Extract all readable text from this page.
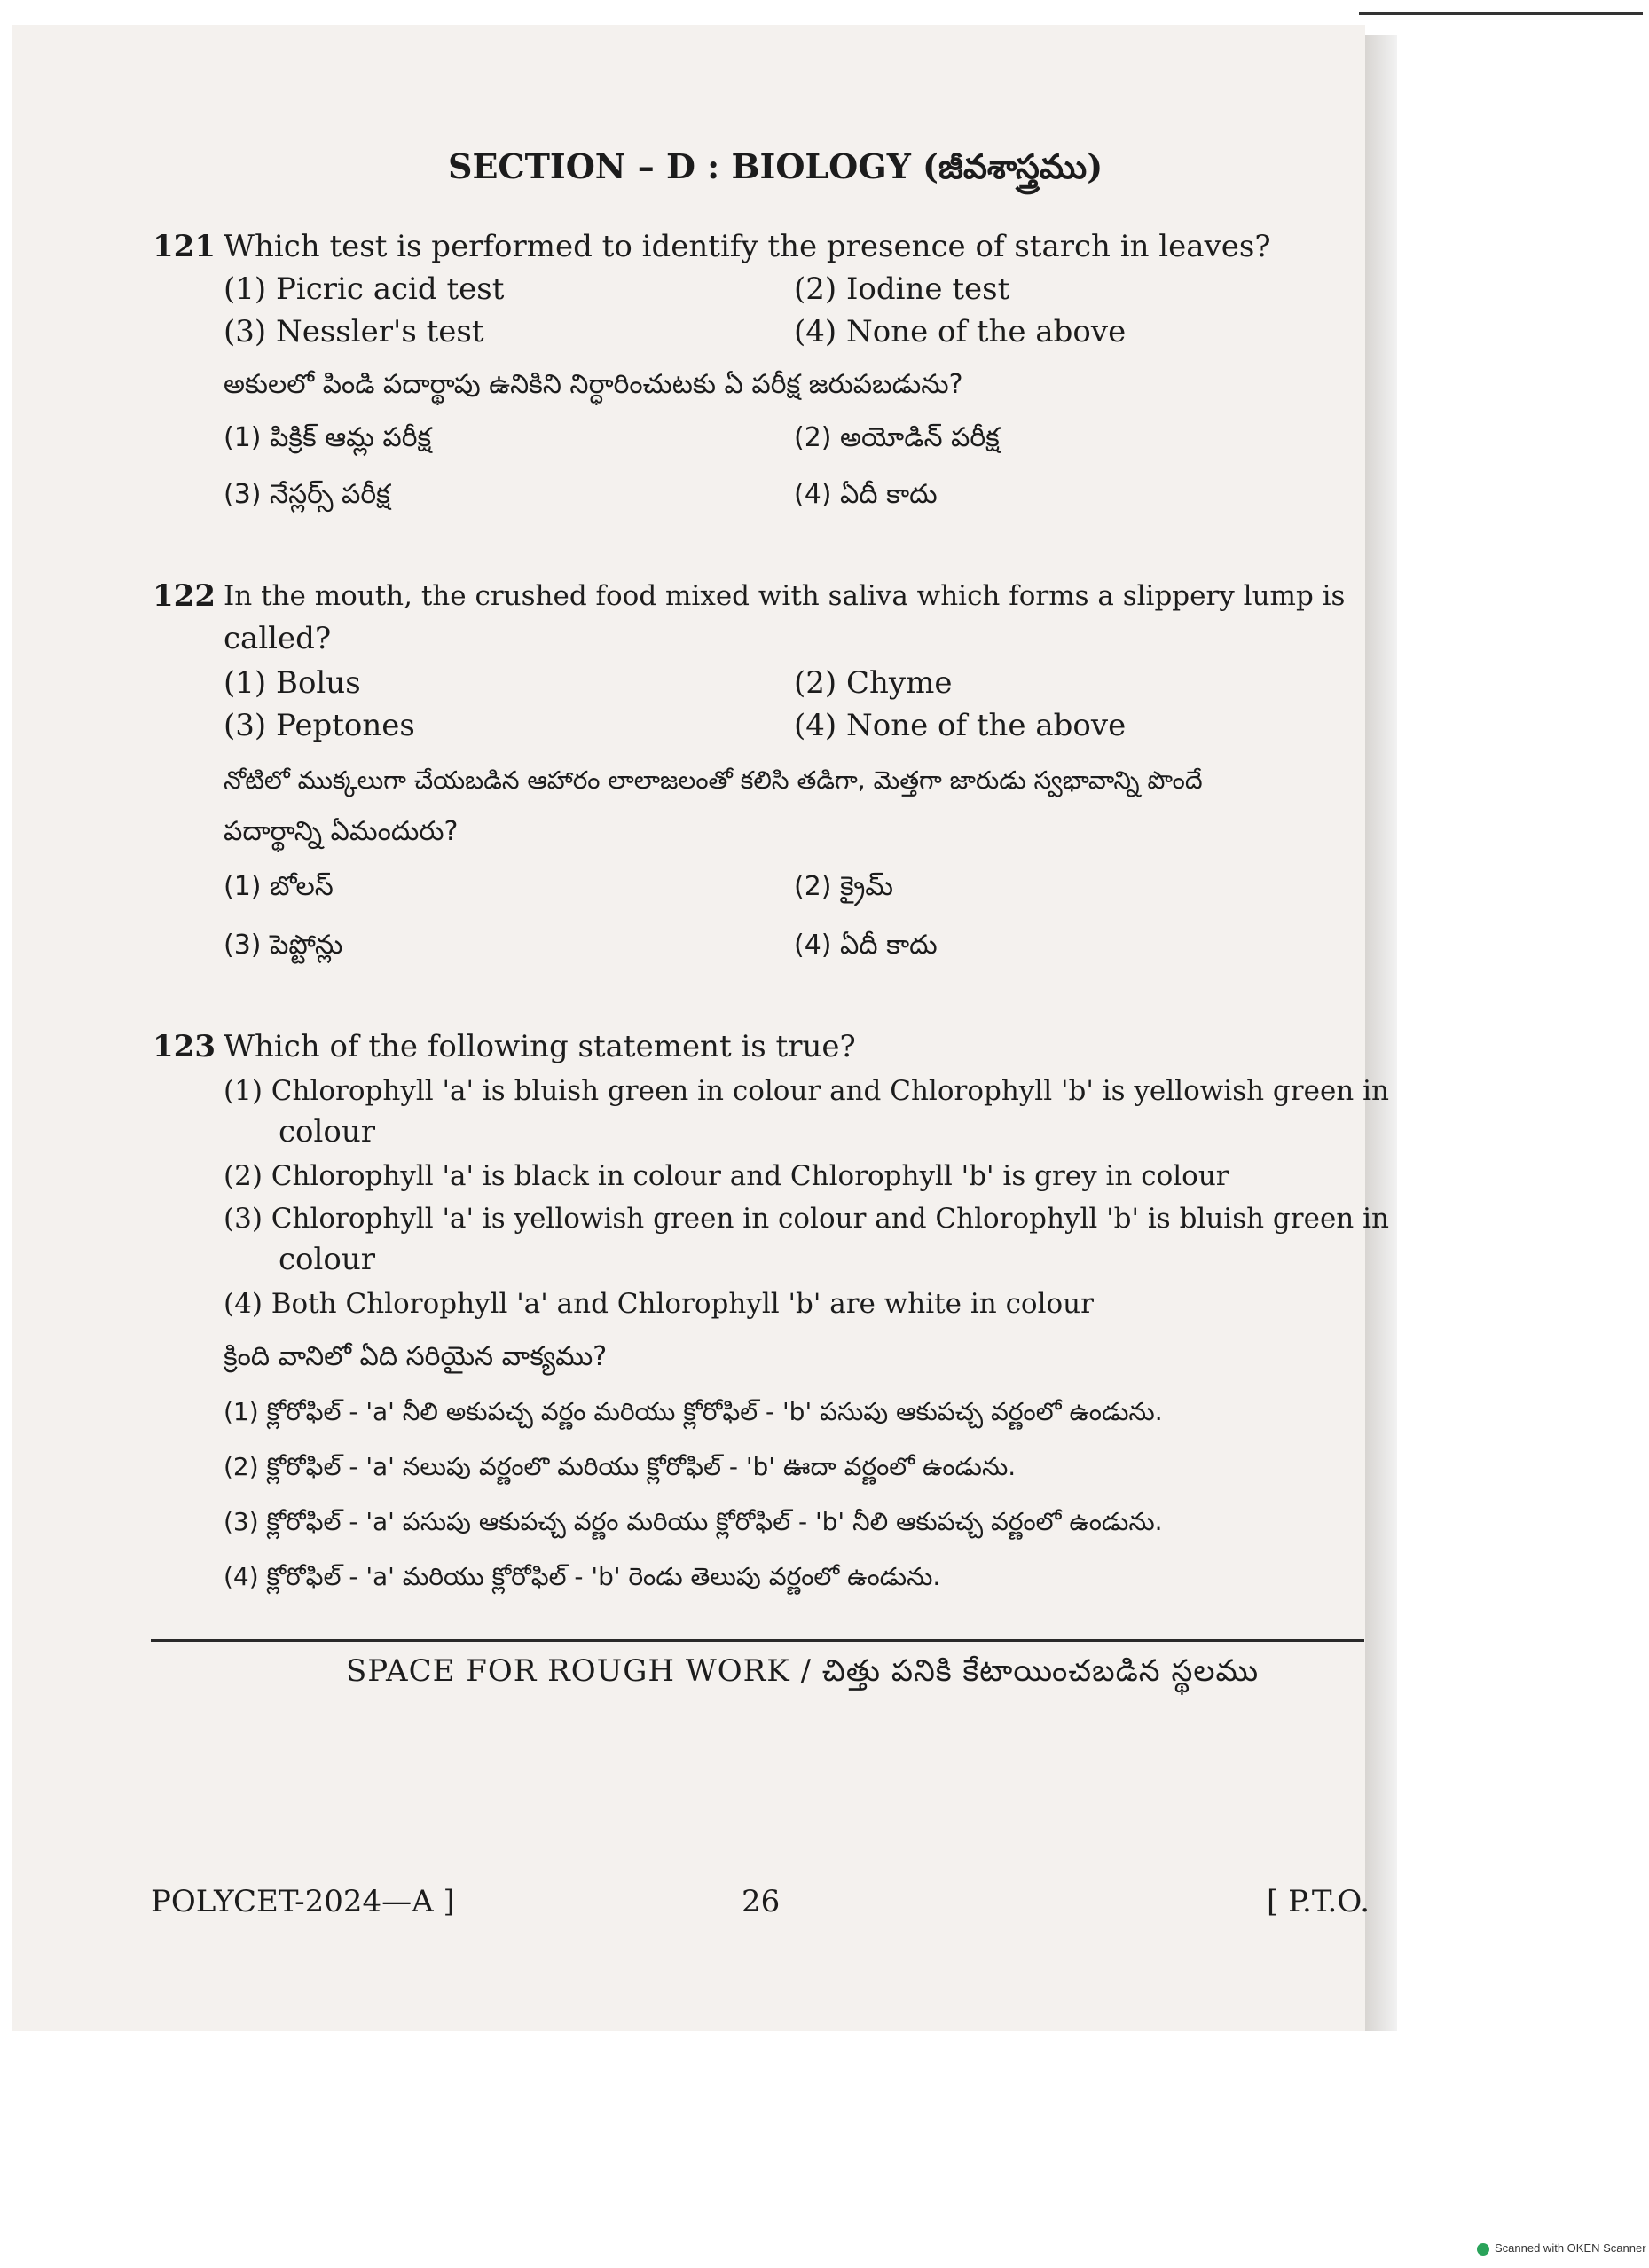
SECTION – D : BIOLOGY (జీవశాస్త్రము)
121 Which test is performed to identify the presence of starch in leaves?
(1) Picric acid test	(2) Iodine test
(3) Nessler's test	(4) None of the above
అకులలో పిండి పదార్థాపు ఉనికిని నిర్ధారించుటకు ఏ పరీక్ష జరుపబడును?
(1) పిక్రిక్ ఆమ్ల పరీక్ష	(2) అయోడిన్ పరీక్ష
(3) నేస్లర్స్ పరీక్ష	(4) ఏదీ కాదు
122 In the mouth, the crushed food mixed with saliva which forms a slippery lump is
called?
(1) Bolus	(2) Chyme
(3) Peptones	(4) None of the above
నోటిలో ముక్కలుగా చేయబడిన ఆహారం లాలాజలంతో కలిసి తడిగా, మెత్తగా జారుడు స్వభావాన్ని పొందే
పదార్థాన్ని ఏమందురు?
(1) బోలస్	(2) క్రైమ్
(3) పెప్టోన్లు	(4) ఏదీ కాదు
123 Which of the following statement is true?
(1) Chlorophyll 'a' is bluish green in colour and Chlorophyll 'b' is yellowish green in
colour
(2) Chlorophyll 'a' is black in colour and Chlorophyll 'b' is grey in colour
(3) Chlorophyll 'a' is yellowish green in colour and Chlorophyll 'b' is bluish green in
colour
(4) Both Chlorophyll 'a' and Chlorophyll 'b' are white in colour
క్రింది వానిలో ఏది సరియైన వాక్యము?
(1) క్లోరోఫిల్ - 'a' నీలి అకుపచ్చ వర్ణం మరియు క్లోరోఫిల్ - 'b' పసుపు ఆకుపచ్చ వర్ణంలో ఉండును.
(2) క్లోరోఫిల్ - 'a' నలుపు వర్ణంలొ మరియు క్లోరోఫిల్ - 'b' ఊదా వర్ణంలో ఉండును.
(3) క్లోరోఫిల్ - 'a' పసుపు ఆకుపచ్చ వర్ణం మరియు క్లోరోఫిల్ - 'b' నీలి ఆకుపచ్చ వర్ణంలో ఉండును.
(4) క్లోరోఫిల్ - 'a' మరియు క్లోరోఫిల్ - 'b' రెండు తెలుపు వర్ణంలో ఉండును.
SPACE FOR ROUGH WORK / చిత్తు పనికి కేటాయించబడిన స్థలము
POLYCET-2024—A ]	26	[ P.T.O.
Scanned with OKEN Scanner
